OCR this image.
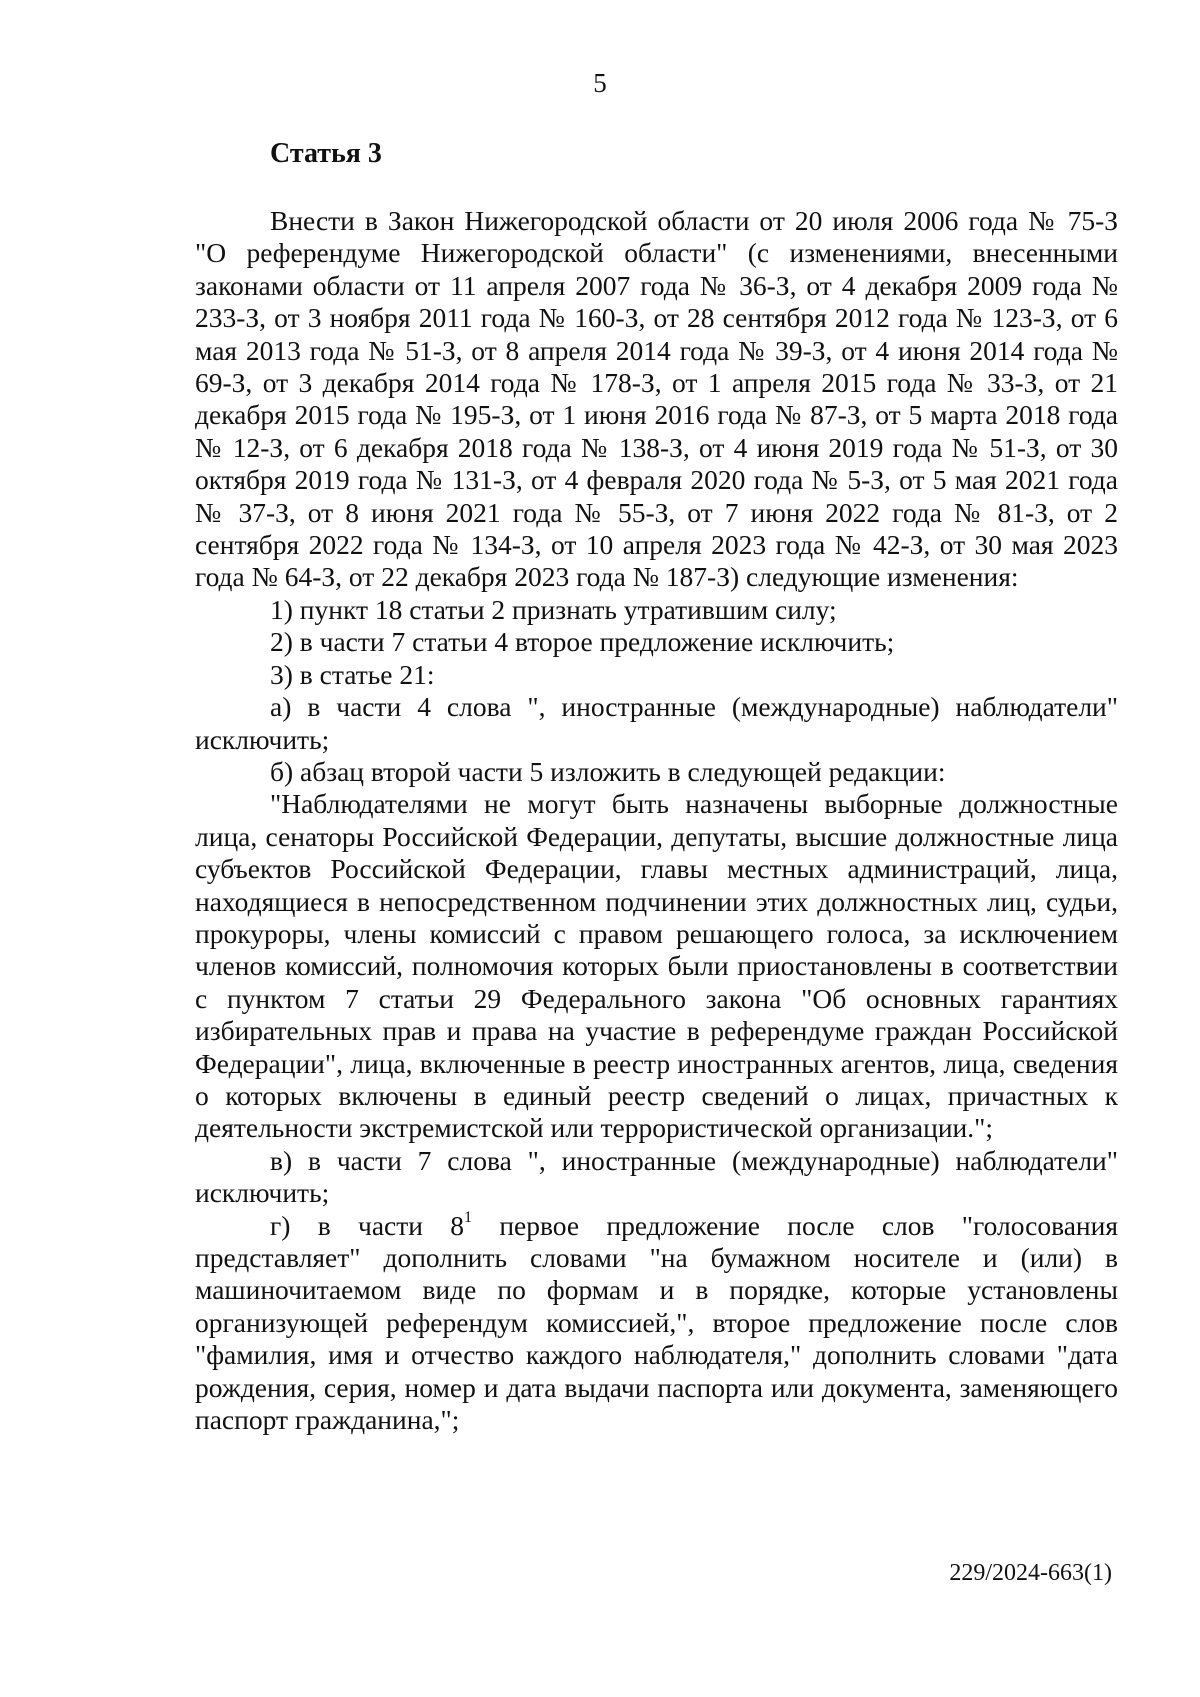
5
Статья 3

Внести в Закон Нижегородской области от 20 июля 2006 года № 75-З "О референдуме Нижегородской области" (с изменениями, внесенными законами области от 11 апреля 2007 года № 36-З, от 4 декабря 2009 года № 233-З, от 3 ноября 2011 года № 160-З, от 28 сентября 2012 года № 123-З, от 6 мая 2013 года № 51-З, от 8 апреля 2014 года № 39-З, от 4 июня 2014 года № 69-З, от 3 декабря 2014 года № 178-З, от 1 апреля 2015 года № 33-З, от 21 декабря 2015 года № 195-З, от 1 июня 2016 года № 87-З, от 5 марта 2018 года № 12-З, от 6 декабря 2018 года № 138-З, от 4 июня 2019 года № 51-З, от 30 октября 2019 года № 131-З, от 4 февраля 2020 года № 5-З, от 5 мая 2021 года № 37-З, от 8 июня 2021 года № 55-З, от 7 июня 2022 года № 81-З, от 2 сентября 2022 года № 134-З, от 10 апреля 2023 года № 42-З, от 30 мая 2023 года № 64-З, от 22 декабря 2023 года № 187-З) следующие изменения:

1) пункт 18 статьи 2 признать утратившим силу;

2) в части 7 статьи 4 второе предложение исключить;

3) в статье 21:

а) в части 4 слова ", иностранные (международные) наблюдатели" исключить;

б) абзац второй части 5 изложить в следующей редакции:

"Наблюдателями не могут быть назначены выборные должностные лица, сенаторы Российской Федерации, депутаты, высшие должностные лица субъектов Российской Федерации, главы местных администраций, лица, находящиеся в непосредственном подчинении этих должностных лиц, судьи, прокуроры, члены комиссий с правом решающего голоса, за исключением членов комиссий, полномочия которых были приостановлены в соответствии с пунктом 7 статьи 29 Федерального закона "Об основных гарантиях избирательных прав и права на участие в референдуме граждан Российской Федерации", лица, включенные в реестр иностранных агентов, лица, сведения о которых включены в единый реестр сведений о лицах, причастных к деятельности экстремистской или террористической организации.";

в) в части 7 слова ", иностранные (международные) наблюдатели" исключить;

г) в части $8^1$ первое предложение после слов "голосования представляет" дополнить словами "на бумажном носителе и (или) в машиночитаемом виде по формам и в порядке, которые установлены организующей референдум комиссией,", второе предложение после слов "фамилия, имя и отчество каждого наблюдателя," дополнить словами "дата рождения, серия, номер и дата выдачи паспорта или документа, заменяющего паспорт гражданина,";

229/2024-663(1)
